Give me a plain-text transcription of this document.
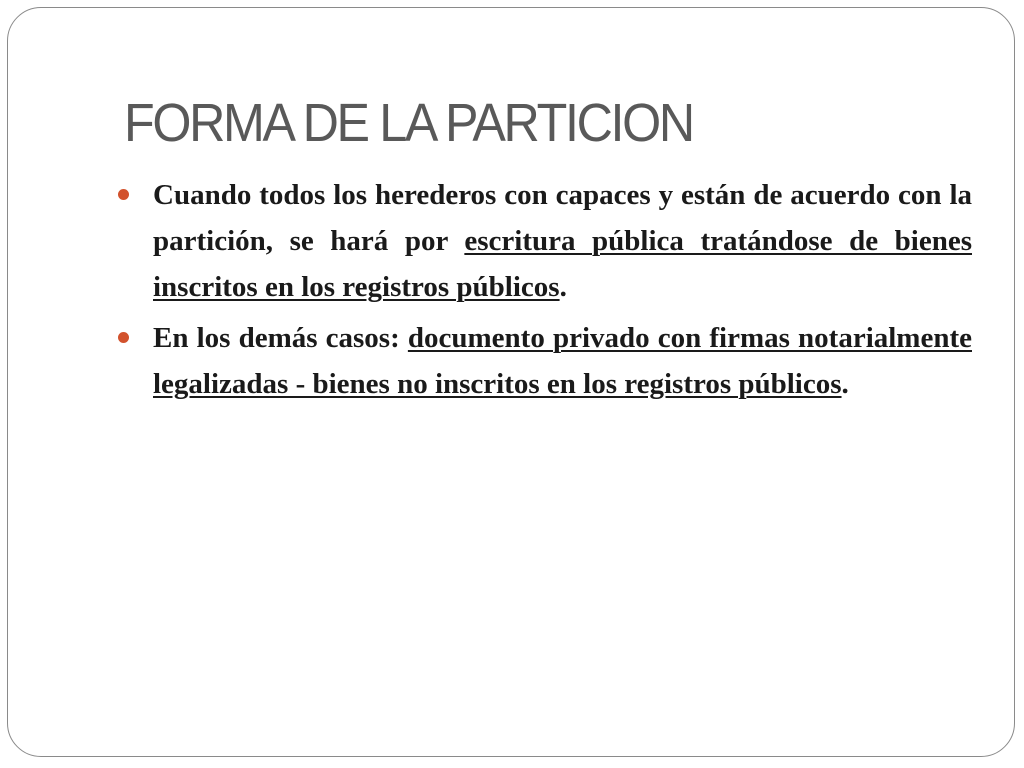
FORMA DE LA PARTICION
Cuando todos los herederos con capaces y están de acuerdo con la partición, se hará por escritura pública tratándose de bienes inscritos en los registros públicos.
En los demás casos: documento privado con firmas notarialmente legalizadas - bienes no inscritos en los registros públicos.
